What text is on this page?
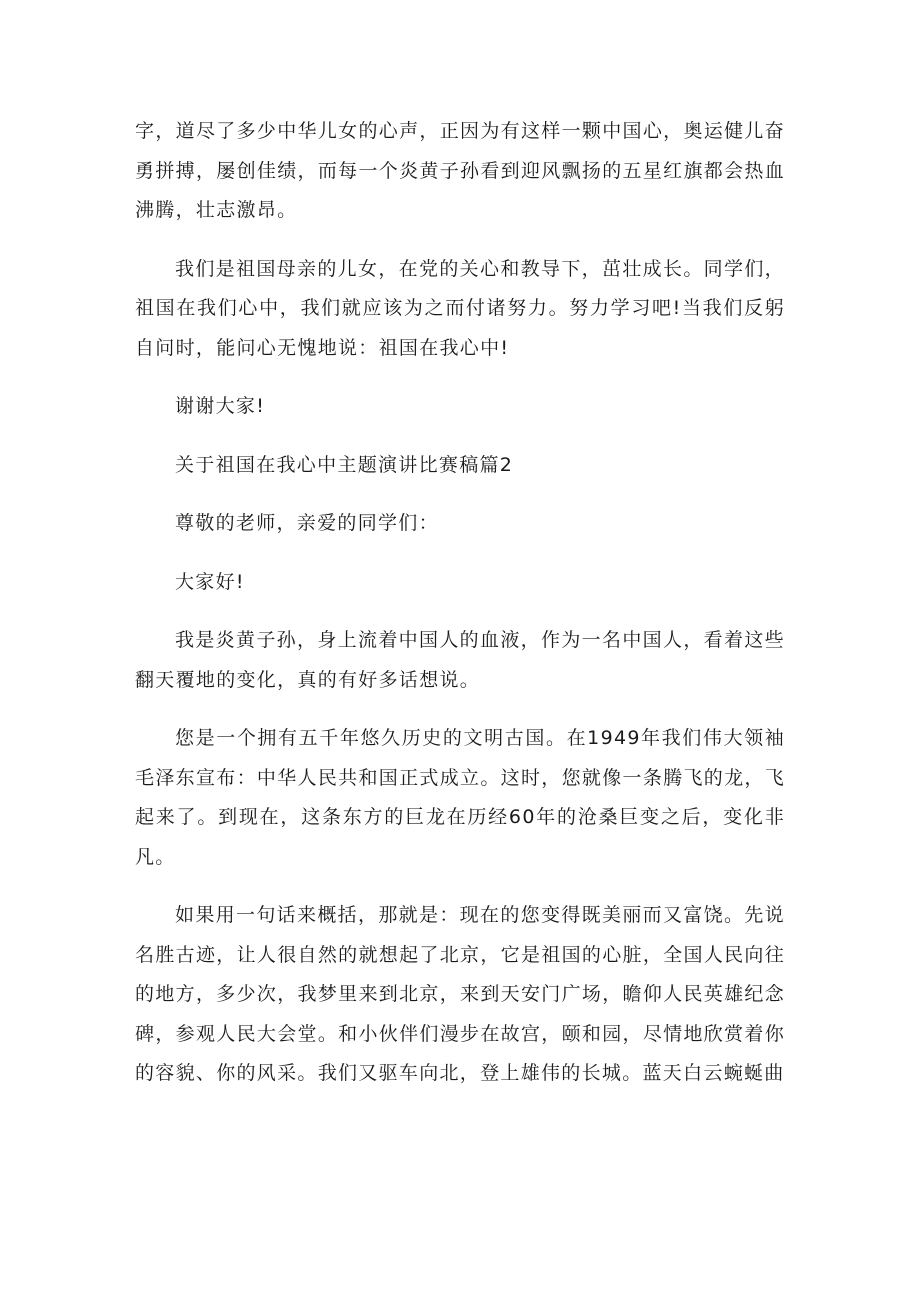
字，道尽了多少中华儿女的心声，正因为有这样一颗中国心，奥运健儿奋勇拼搏，屡创佳绩，而每一个炎黄子孙看到迎风飘扬的五星红旗都会热血沸腾，壮志激昂。

我们是祖国母亲的儿女，在党的关心和教导下，茁壮成长。同学们，祖国在我们心中，我们就应该为之而付诸努力。努力学习吧!当我们反躬自问时，能问心无愧地说：祖国在我心中!

谢谢大家!

关于祖国在我心中主题演讲比赛稿篇2

尊敬的老师，亲爱的同学们：

大家好!

我是炎黄子孙，身上流着中国人的血液，作为一名中国人，看着这些翻天覆地的变化，真的有好多话想说。

您是一个拥有五千年悠久历史的文明古国。在1949年我们伟大领袖毛泽东宣布：中华人民共和国正式成立。这时，您就像一条腾飞的龙，飞起来了。到现在，这条东方的巨龙在历经60年的沧桑巨变之后，变化非凡。

如果用一句话来概括，那就是：现在的您变得既美丽而又富饶。先说名胜古迹，让人很自然的就想起了北京，它是祖国的心脏，全国人民向往的地方，多少次，我梦里来到北京，来到天安门广场，瞻仰人民英雄纪念碑，参观人民大会堂。和小伙伴们漫步在故宫，颐和园，尽情地欣赏着你的容貌、你的风采。我们又驱车向北，登上雄伟的长城。蓝天白云蜿蜒曲
